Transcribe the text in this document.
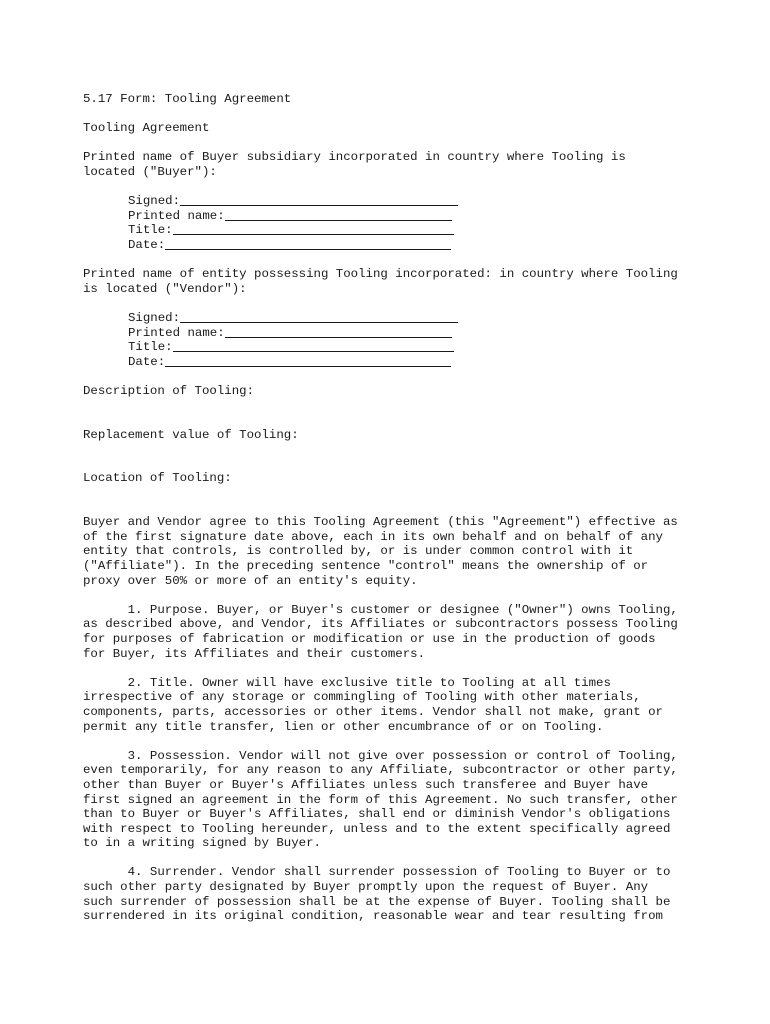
5.17 Form: Tooling Agreement
Tooling Agreement
Printed name of Buyer subsidiary incorporated in country where Tooling is
located ("Buyer"):
Signed:
Printed name:
Title:
Date:
Printed name of entity possessing Tooling incorporated: in country where Tooling
is located ("Vendor"):
Signed:
Printed name:
Title:
Date:
Description of Tooling:
Replacement value of Tooling:
Location of Tooling:
Buyer and Vendor agree to this Tooling Agreement (this "Agreement") effective as
of the first signature date above, each in its own behalf and on behalf of any
entity that controls, is controlled by, or is under common control with it
("Affiliate"). In the preceding sentence "control" means the ownership of or
proxy over 50% or more of an entity's equity.
1. Purpose. Buyer, or Buyer's customer or designee ("Owner") owns Tooling,
as described above, and Vendor, its Affiliates or subcontractors possess Tooling
for purposes of fabrication or modification or use in the production of goods
for Buyer, its Affiliates and their customers.
2. Title. Owner will have exclusive title to Tooling at all times
irrespective of any storage or commingling of Tooling with other materials,
components, parts, accessories or other items. Vendor shall not make, grant or
permit any title transfer, lien or other encumbrance of or on Tooling.
3. Possession. Vendor will not give over possession or control of Tooling,
even temporarily, for any reason to any Affiliate, subcontractor or other party,
other than Buyer or Buyer's Affiliates unless such transferee and Buyer have
first signed an agreement in the form of this Agreement. No such transfer, other
than to Buyer or Buyer's Affiliates, shall end or diminish Vendor's obligations
with respect to Tooling hereunder, unless and to the extent specifically agreed
to in a writing signed by Buyer.
4. Surrender. Vendor shall surrender possession of Tooling to Buyer or to
such other party designated by Buyer promptly upon the request of Buyer. Any
such surrender of possession shall be at the expense of Buyer. Tooling shall be
surrendered in its original condition, reasonable wear and tear resulting from
